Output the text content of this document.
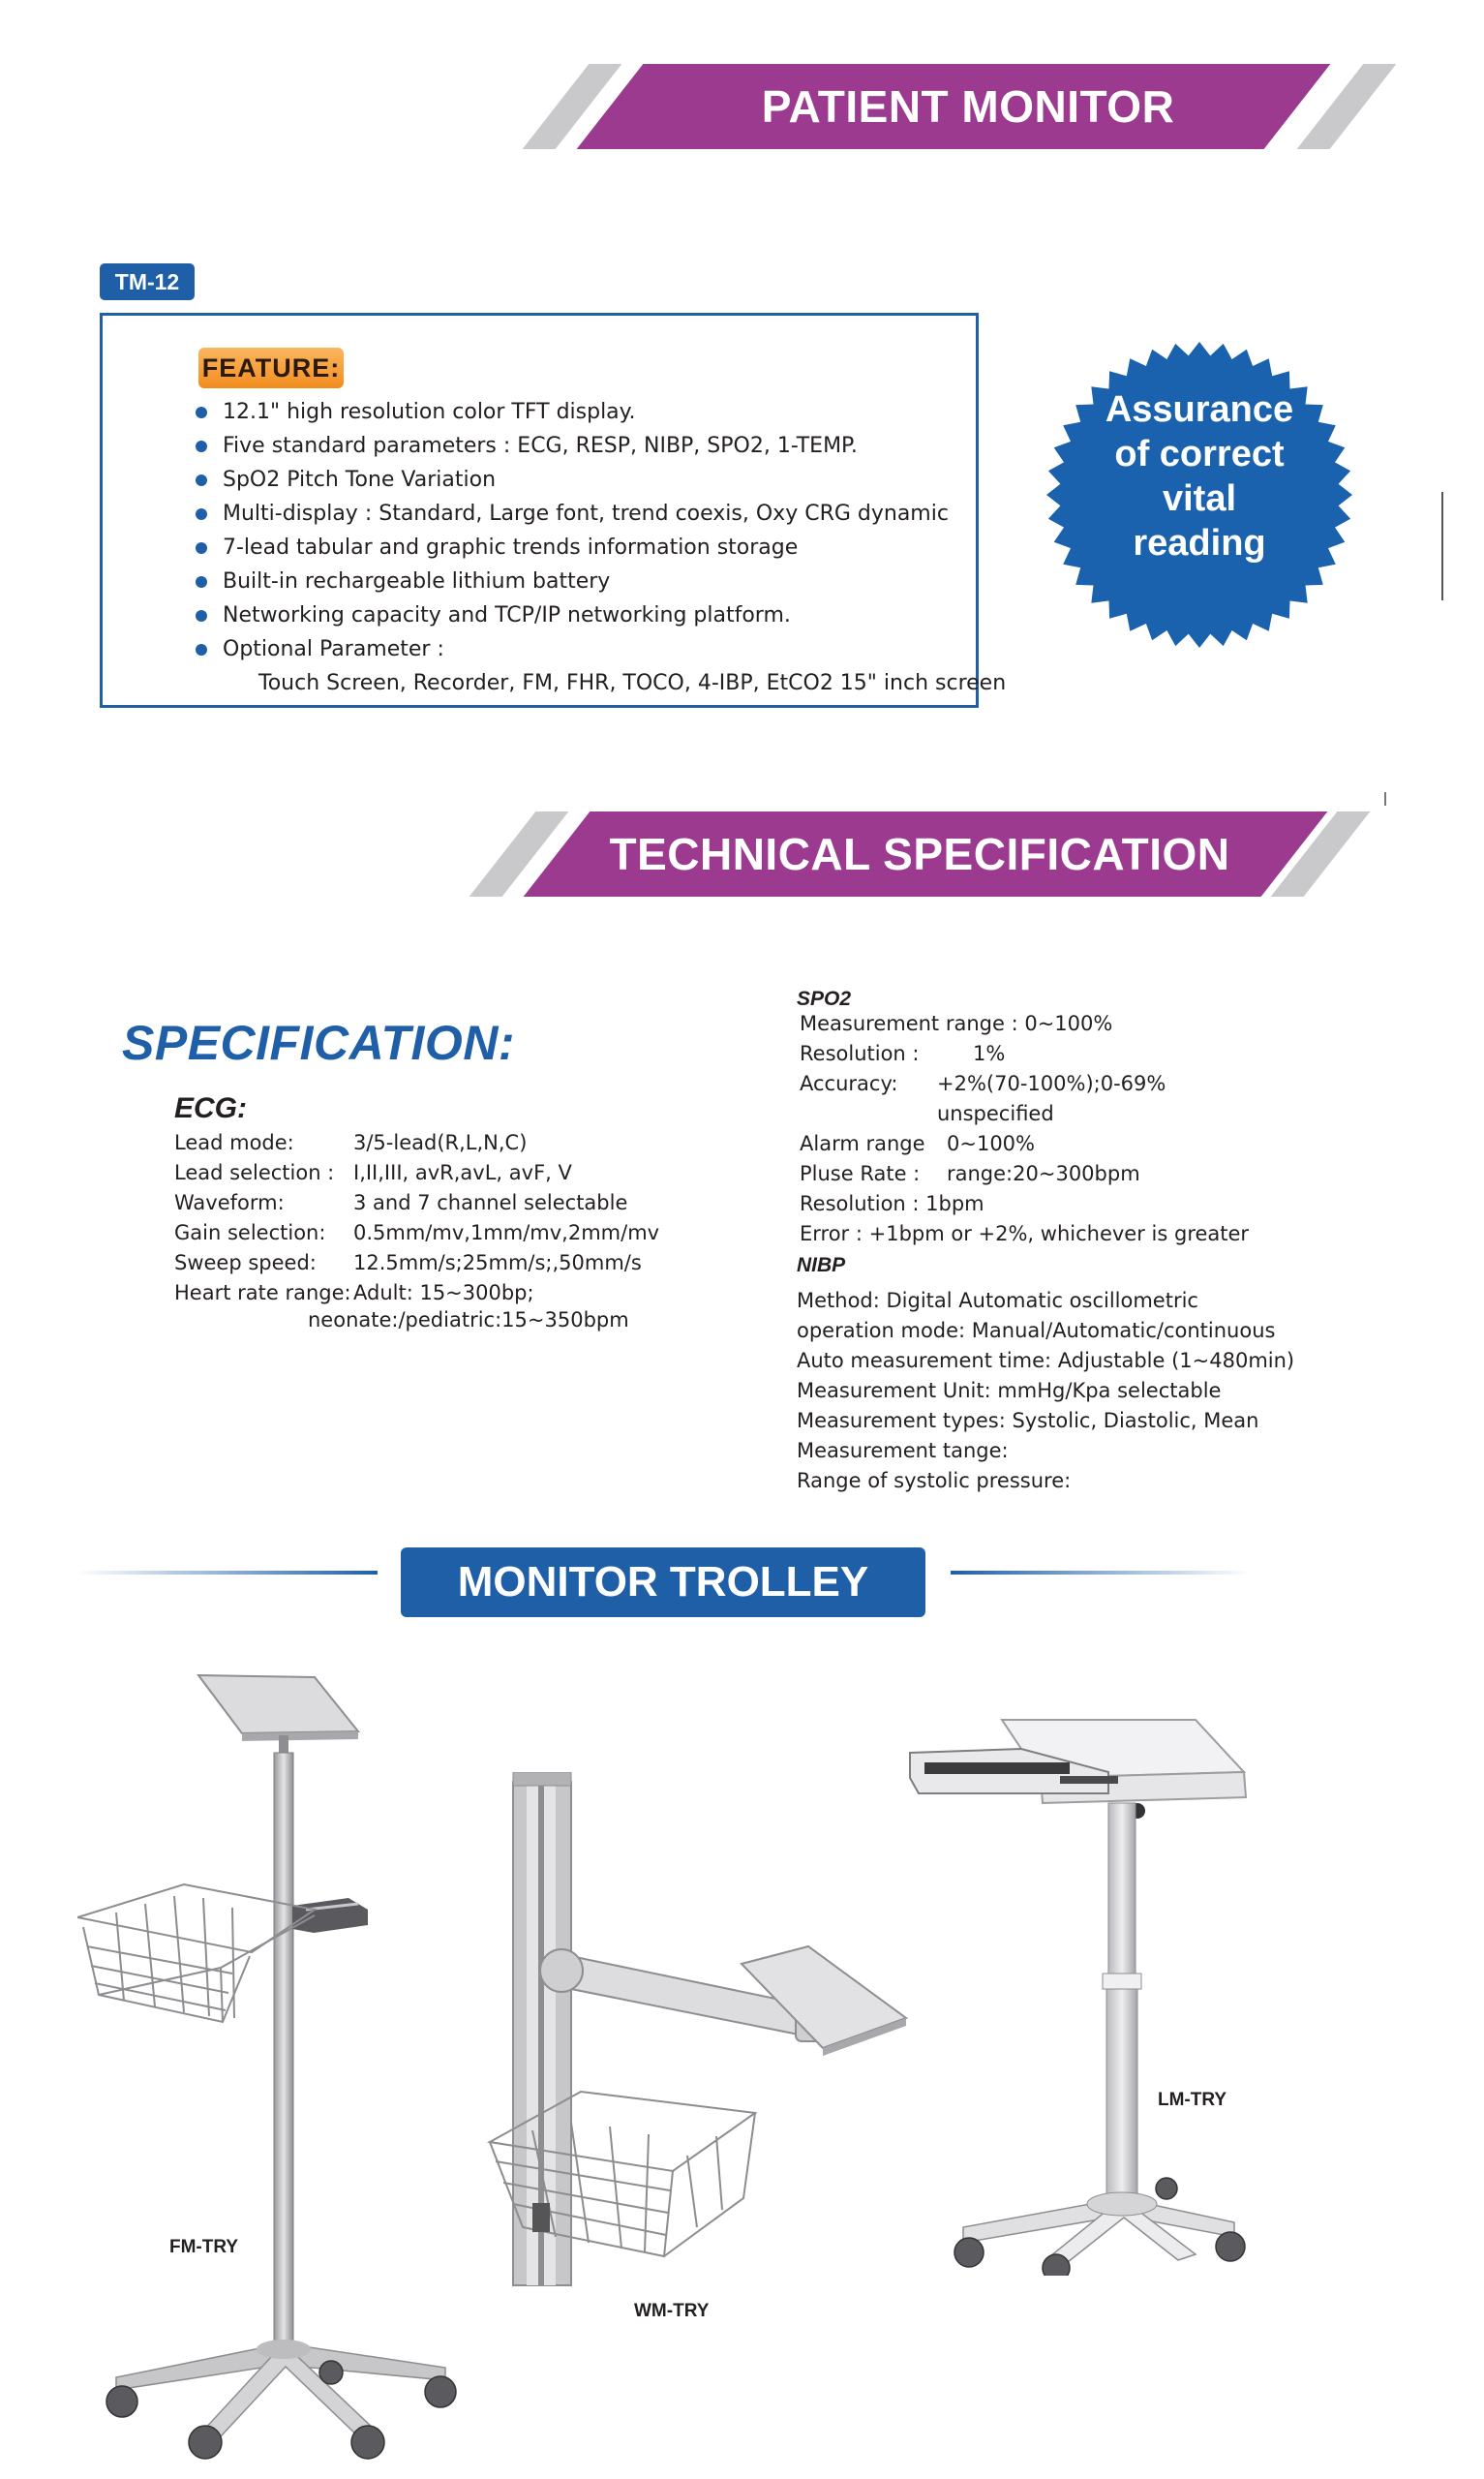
PATIENT MONITOR
TM-12
FEATURE:
12.1" high resolution color TFT display.
Five standard parameters : ECG, RESP, NIBP, SPO2, 1-TEMP.
SpO2 Pitch Tone Variation
Multi-display : Standard, Large font, trend coexis, Oxy CRG dynamic
7-lead tabular and graphic trends information storage
Built-in rechargeable lithium battery
Networking capacity and TCP/IP networking platform.
Optional Parameter :
Touch Screen, Recorder, FM, FHR, TOCO, 4-IBP, EtCO2 15" inch screen
Assurance
of correct
vital
reading
TECHNICAL SPECIFICATION
SPECIFICATION:
ECG:
Lead mode:	3/5-lead(R,L,N,C)
Lead selection : I,II,III, avR,avL, avF, V
Waveform:	3 and 7 channel selectable
Gain selection: 0.5mm/mv,1mm/mv,2mm/mv
Sweep speed: 12.5mm/s;25mm/s;,50mm/s
Heart rate range: Adult: 15~300bp;
neonate:/pediatric:15~350bpm
SPO2
Measurement range : 0~100%
Resolution :	1%
Accuracy: +2%(70-100%);0-69%
unspecified
Alarm range 0~100%
Pluse Rate : range:20~300bpm
Resolution : 1bpm
Error : +1bpm or +2%, whichever is greater
NIBP
Method: Digital Automatic oscillometric
operation mode: Manual/Automatic/continuous
Auto measurement time: Adjustable (1~480min)
Measurement Unit: mmHg/Kpa selectable
Measurement types: Systolic, Diastolic, Mean
Measurement tange:
Range of systolic pressure:
MONITOR TROLLEY
FM-TRY
WM-TRY
LM-TRY
